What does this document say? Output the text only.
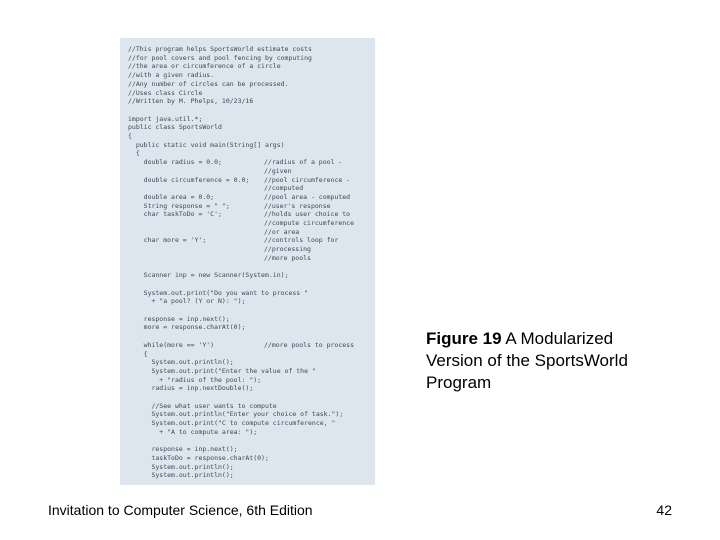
//This program helps SportsWorld estimate costs
//for pool covers and pool fencing by computing
//the area or circumference of a circle
//with a given radius.
//Any number of circles can be processed.
//Uses class Circle
//Written by M. Phelps, 10/23/16
import java.util.*;
public class SportsWorld
{
public static void main(String[] args)
{
double radius = 0.0;	//radius of a pool -
//given
double circumference = 0.0; //pool circumference -
//computed
double area = 0.0;	//pool area - computed
String response = " ";	//user's response
char taskToDo = 'C';	//holds user choice to
//compute circumference
//or area
char more = 'Y';	//controls loop for
//processing
//more pools
Scanner inp = new Scanner(System.in);
System.out.print("Do you want to process "
+ "a pool? (Y or N): ");
response = inp.next();
more = response.charAt(0);
while(more == 'Y')	//more pools to process
{
System.out.println();
System.out.print("Enter the value of the "
+ "radius of the pool: ");
radius = inp.nextDouble();
//See what user wants to compute
System.out.println("Enter your choice of task.");
System.out.print("C to compute circumference, "
+ "A to compute area: ");
response = inp.next();
taskToDo = response.charAt(0);
System.out.println();
System.out.println();
Figure 19 A Modularized Version of the SportsWorld Program
Invitation to Computer Science, 6th Edition	42
